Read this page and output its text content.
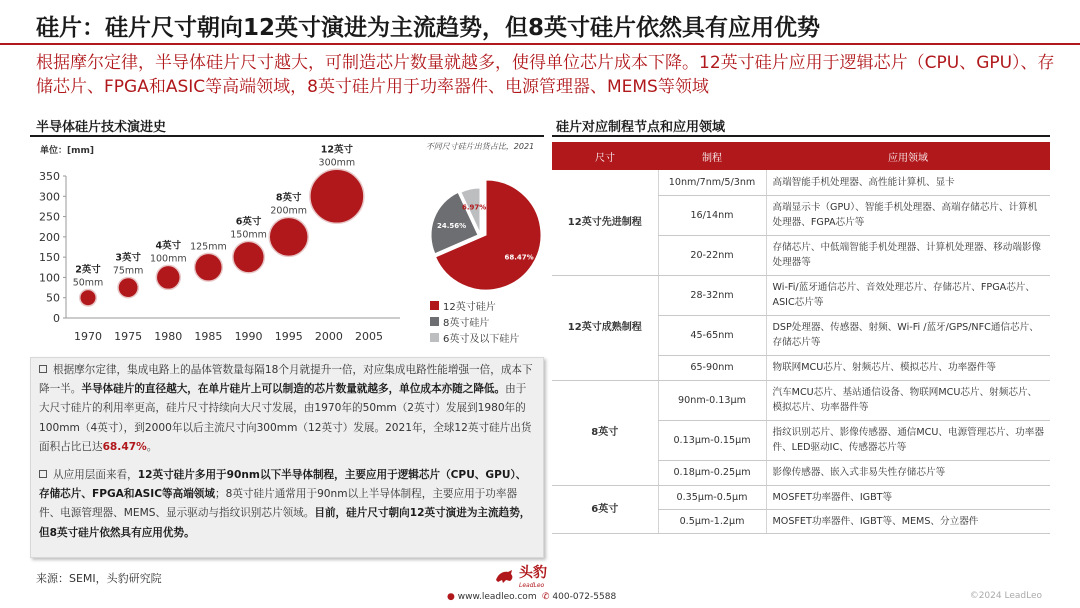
硅片：硅片尺寸朝向12英寸演进为主流趋势，但8英寸硅片依然具有应用优势
根据摩尔定律，半导体硅片尺寸越大，可制造芯片数量就越多，使得单位芯片成本下降。12英寸硅片应用于逻辑芯片（CPU、GPU）、存储芯片、FPGA和ASIC等高端领域，8英寸硅片用于功率器件、电源管理器、MEMS等领域
半导体硅片技术演进史
单位：[mm]
0
50
100
150
200
250
300
350
1970 1975 1980 1985 1990 1995 2000 2005
50mm
2英寸 75mm
3英寸 100mm
4英寸 125mm
150mm
6英寸
200mm
8英寸
300mm
12英寸	不同尺寸硅片出货占比，2021
68.47%
24.56%
6.97%
12英寸硅片
8英寸硅片
6英寸及以下硅片

根据摩尔定律，集成电路上的晶体管数量每隔18个月就提升一倍，对应集成电路性能增强一倍，成本下降一半。半导体硅片的直径越大，在单片硅片上可以制造的芯片数量就越多，单位成本亦随之降低。由于大尺寸硅片的利用率更高，硅片尺寸持续向大尺寸发展，由1970年的50mm（2英寸）发展到1980年的100mm（4英寸），到2000年以后主流尺寸向300mm（12英寸）发展。2021年，全球12英寸硅片出货面积占比已达68.47%。

从应用层面来看，12英寸硅片多用于90nm以下半导体制程，主要应用于逻辑芯片（CPU、GPU）、存储芯片、FPGA和ASIC等高端领域；8英寸硅片通常用于90nm以上半导体制程，主要应用于功率器件、电源管理器、MEMS、显示驱动与指纹识别芯片领域。目前，硅片尺寸朝向12英寸演进为主流趋势，但8英寸硅片依然具有应用优势。

来源：SEMI，头豹研究院
硅片对应制程节点和应用领域
尺寸	制程	应用领域
12英寸先进制程	10nm/7nm/5/3nm	高端智能手机处理器、高性能计算机、显卡
	16/14nm	高端显示卡（GPU）、智能手机处理器、高端存储芯片、计算机处理器、FGPA芯片等
	20-22nm	存储芯片、中低端智能手机处理器、计算机处理器、移动端影像处理器等
12英寸成熟制程	28-32nm	Wi-Fi/蓝牙通信芯片、音效处理芯片、存储芯片、FPGA芯片、ASIC芯片等
	45-65nm	DSP处理器、传感器、射频、Wi-Fi /蓝牙/GPS/NFC通信芯片、存储芯片等
	65-90nm	物联网MCU芯片、射频芯片、模拟芯片、功率器件等
8英寸	90nm-0.13μm	汽车MCU芯片、基站通信设备、物联网MCU芯片、射频芯片、模拟芯片、功率器件等
	0.13μm-0.15μm	指纹识别芯片、影像传感器、通信MCU、电源管理芯片、功率器件、LED驱动IC、传感器芯片等
	0.18μm-0.25μm	影像传感器、嵌入式非易失性存储芯片等
6英寸	0.35μm-0.5μm	MOSFET功率器件、IGBT等
	0.5μm-1.2μm	MOSFET功率器件、IGBT等、MEMS、分立器件
头豹
LeadLeo
● www.leadleo.com ✆ 400-072-5588	©2024 LeadLeo
